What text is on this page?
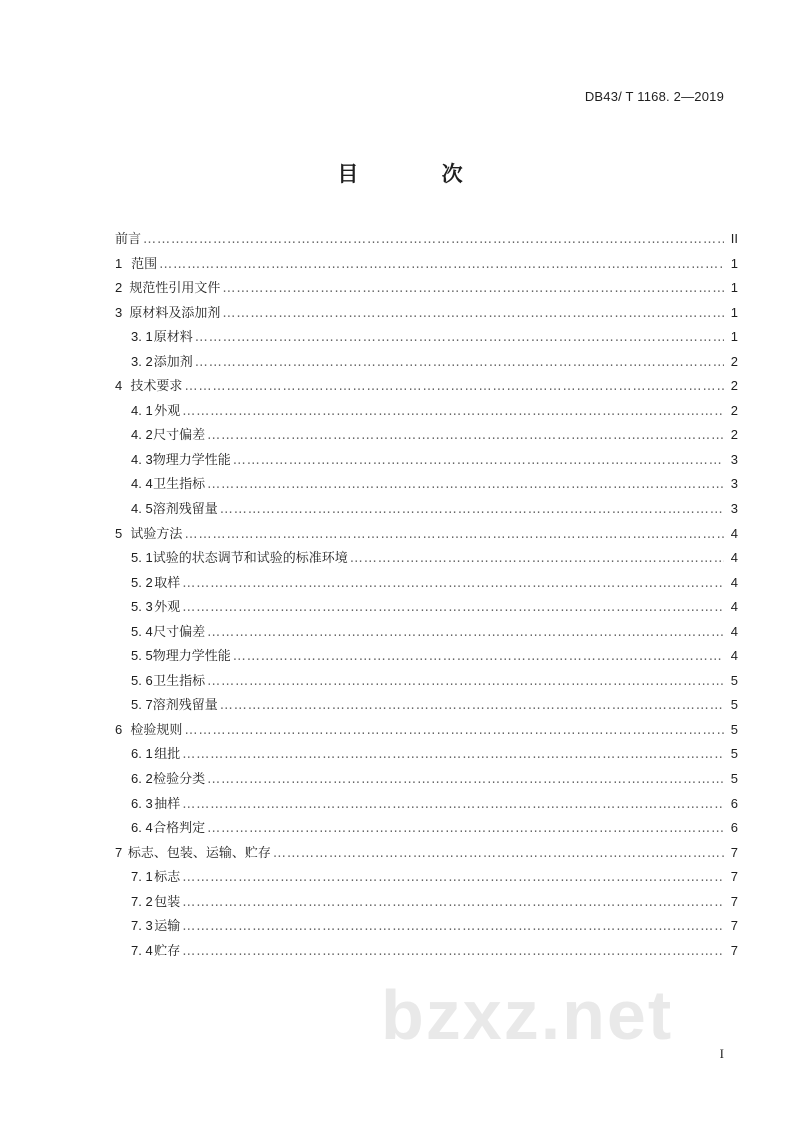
DB43/ T 1168. 2—2019
目 次
前言 ………………………………………………………………………………………………………………………………………………………………	II
1 范围 ………………………………………………………………………………………………………………………………………………………………	1
2 规范性引用文件 ………………………………………………………………………………………………………………………………………………………………	1
3 原材料及添加剂 ………………………………………………………………………………………………………………………………………………………………	1
3. 1 原材料 ………………………………………………………………………………………………………………………………………………………………	1
3. 2 添加剂 ………………………………………………………………………………………………………………………………………………………………	2
4 技术要求 ………………………………………………………………………………………………………………………………………………………………	2
4. 1 外观 ………………………………………………………………………………………………………………………………………………………………	2
4. 2 尺寸偏差 ………………………………………………………………………………………………………………………………………………………………	2
4. 3 物理力学性能 ………………………………………………………………………………………………………………………………………………………………	3
4. 4 卫生指标 ………………………………………………………………………………………………………………………………………………………………	3
4. 5 溶剂残留量 ………………………………………………………………………………………………………………………………………………………………	3
5 试验方法 ………………………………………………………………………………………………………………………………………………………………	4
5. 1 试验的状态调节和试验的标准环境 ………………………………………………………………………………………………………………………………………………………………	4
5. 2 取样 ………………………………………………………………………………………………………………………………………………………………	4
5. 3 外观 ………………………………………………………………………………………………………………………………………………………………	4
5. 4 尺寸偏差 ………………………………………………………………………………………………………………………………………………………………	4
5. 5 物理力学性能 ………………………………………………………………………………………………………………………………………………………………	4
5. 6 卫生指标 ………………………………………………………………………………………………………………………………………………………………	5
5. 7 溶剂残留量 ………………………………………………………………………………………………………………………………………………………………	5
6 检验规则 ………………………………………………………………………………………………………………………………………………………………	5
6. 1 组批 ………………………………………………………………………………………………………………………………………………………………	5
6. 2 检验分类 ………………………………………………………………………………………………………………………………………………………………	5
6. 3 抽样 ………………………………………………………………………………………………………………………………………………………………	6
6. 4 合格判定 ………………………………………………………………………………………………………………………………………………………………	6
7 标志、包装、运输、贮存 ………………………………………………………………………………………………………………………………………………………………	7
7. 1 标志 ………………………………………………………………………………………………………………………………………………………………	7
7. 2 包装 ………………………………………………………………………………………………………………………………………………………………	7
7. 3 运输 ………………………………………………………………………………………………………………………………………………………………	7
7. 4 贮存 ………………………………………………………………………………………………………………………………………………………………	7
bzxz.net	I
